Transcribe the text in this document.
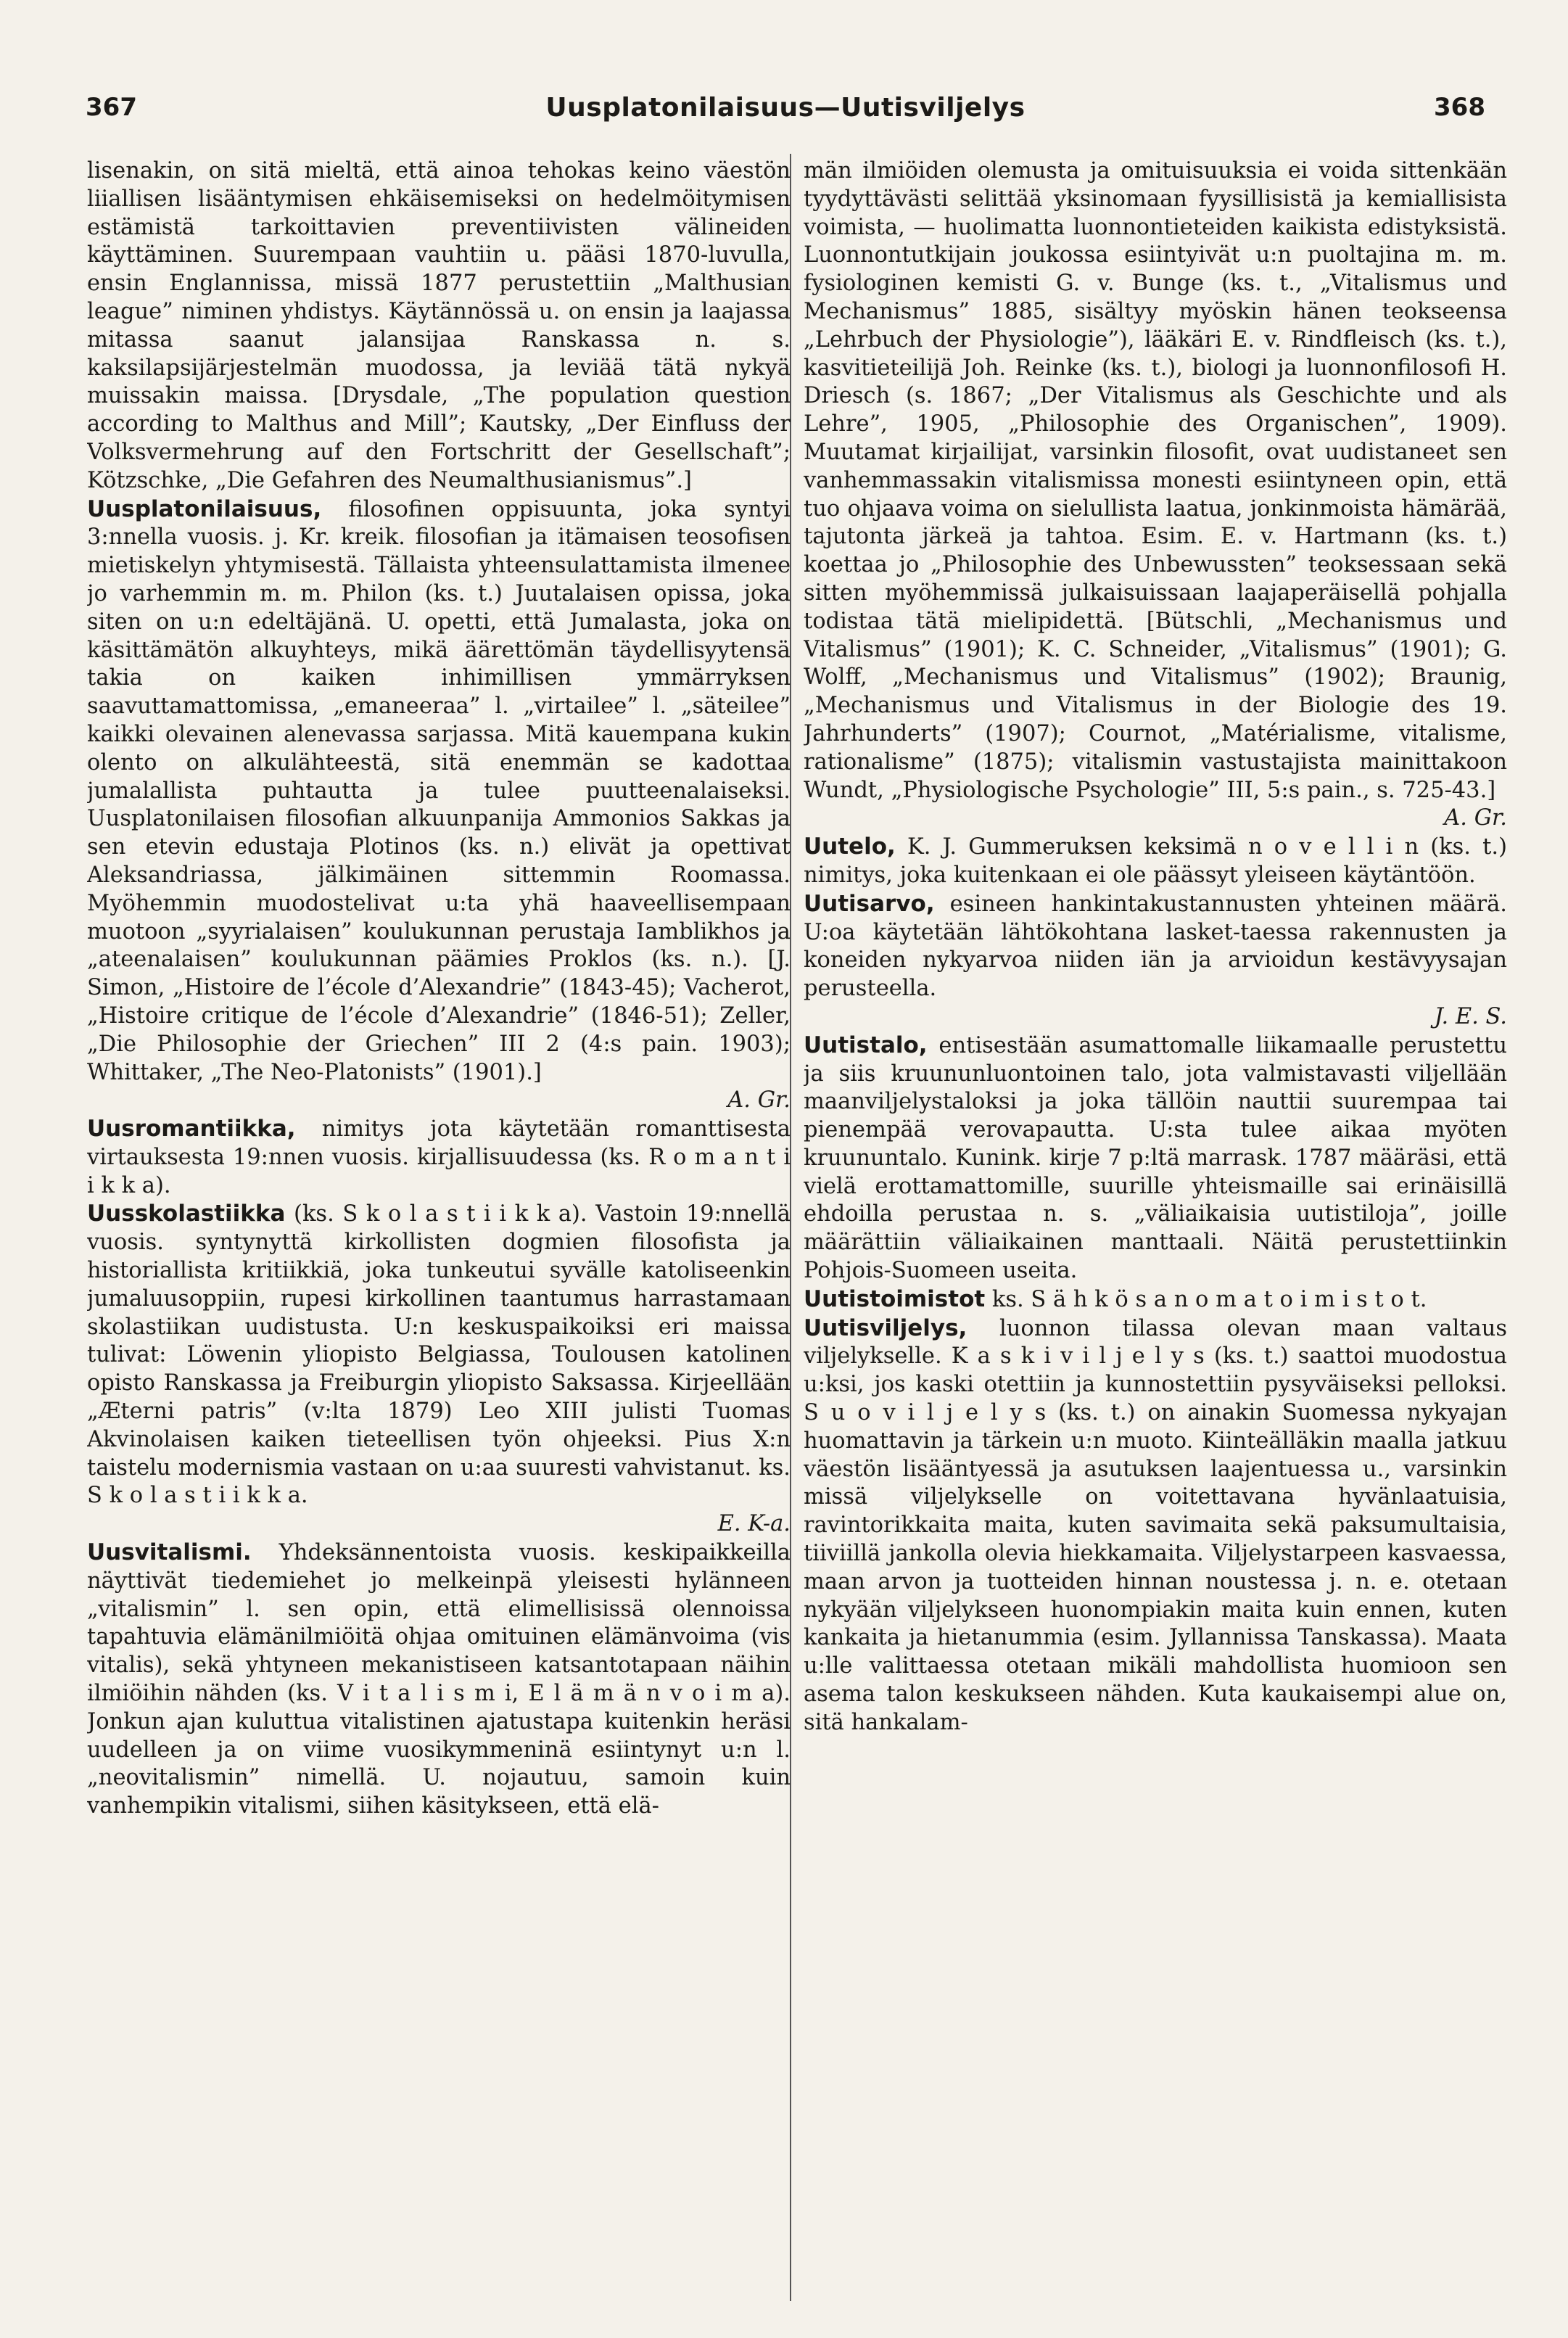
367	Uusplatonilaisuus—Uutisviljelys	368

lisenakin, on sitä mieltä, että ainoa tehokas keino väestön liiallisen lisääntymisen ehkäisemiseksi on hedelmöitymisen estämistä tarkoittavien preventiivisten välineiden käyttäminen. Suurempaan vauhtiin u. pääsi 1870-luvulla, ensin Englannissa, missä 1877 perustettiin „Malthusian league” niminen yhdistys. Käytännössä u. on ensin ja laajassa mitassa saanut jalansijaa Ranskassa n. s. kaksilapsijärjestelmän muodossa, ja leviää tätä nykyä muissakin maissa. [Drysdale, „The population question according to Malthus and Mill”; Kautsky, „Der Einfluss der Volksvermehrung auf den Fortschritt der Gesellschaft”; Kötzschke, „Die Gefahren des Neumalthusianismus”.]

Uusplatonilaisuus, filosofinen oppisuunta, joka syntyi 3:nnella vuosis. j. Kr. kreik. filosofian ja itämaisen teosofisen mietiskelyn yhtymisestä. Tällaista yhteensulattamista ilmenee jo varhemmin m. m. Philon (ks. t.) Juutalaisen opissa, joka siten on u:n edeltäjänä. U. opetti, että Jumalasta, joka on käsittämätön alkuyhteys, mikä äärettömän täydellisyytensä takia on kaiken inhimillisen ymmärryksen saavuttamattomissa, „emaneeraa” l. „virtailee” l. „säteilee” kaikki olevainen alenevassa sarjassa. Mitä kauempana kukin olento on alkulähteestä, sitä enemmän se kadottaa jumalallista puhtautta ja tulee puutteenalaiseksi. Uusplatonilaisen filosofian alkuunpanija Ammonios Sakkas ja sen etevin edustaja Plotinos (ks. n.) elivät ja opettivat Aleksandriassa, jälkimäinen sittemmin Roomassa. Myöhemmin muodostelivat u:ta yhä haaveellisempaan muotoon „syyrialaisen” koulukunnan perustaja Iamblikhos ja „ateenalaisen” koulukunnan päämies Proklos (ks. n.). [J. Simon, „Histoire de l’école d’Alexandrie” (1843-45); Vacherot, „Histoire critique de l’école d’Alexandrie” (1846-51); Zeller, „Die Philosophie der Griechen” III 2 (4:s pain. 1903); Whittaker, „The Neo-Platonists” (1901).]

A. Gr.

Uusromantiikka, nimitys jota käytetään romanttisesta virtauksesta 19:nnen vuosis. kirjallisuudessa (ks. R o m a n t i i k k a).

Uusskolastiikka (ks. S k o l a s t i i k k a). Vastoin 19:nnellä vuosis. syntynyttä kirkollisten dogmien filosofista ja historiallista kritiikkiä, joka tunkeutui syvälle katoliseenkin jumaluusoppiin, rupesi kirkollinen taantumus harrastamaan skolastiikan uudistusta. U:n keskuspaikoiksi eri maissa tulivat: Löwenin yliopisto Belgiassa, Toulousen katolinen opisto Ranskassa ja Freiburgin yliopisto Saksassa. Kirjeellään „Æterni patris” (v:lta 1879) Leo XIII julisti Tuomas Akvinolaisen kaiken tieteellisen työn ohjeeksi. Pius X:n taistelu modernismia vastaan on u:aa suuresti vahvistanut. ks. S k o l a s t i i k k a.

E. K-a.

Uusvitalismi. Yhdeksännentoista vuosis. keskipaikkeilla näyttivät tiedemiehet jo melkeinpä yleisesti hylänneen „vitalismin” l. sen opin, että elimellisissä olennoissa tapahtuvia elämänilmiöitä ohjaa omituinen elämänvoima (vis vitalis), sekä yhtyneen mekanistiseen katsantotapaan näihin ilmiöihin nähden (ks. V i t a l i s m i, E l ä m ä n v o i m a). Jonkun ajan kuluttua vitalistinen ajatustapa kuitenkin heräsi uudelleen ja on viime vuosikymmeninä esiintynyt u:n l. „neovitalismin” nimellä. U. nojautuu, samoin kuin vanhempikin vitalismi, siihen käsitykseen, että elä-

män ilmiöiden olemusta ja omituisuuksia ei voida sittenkään tyydyttävästi selittää yksinomaan fyysillisistä ja kemiallisista voimista, — huolimatta luonnontieteiden kaikista edistyksistä. Luonnontutkijain joukossa esiintyivät u:n puoltajina m. m. fysiologinen kemisti G. v. Bunge (ks. t., „Vitalismus und Mechanismus” 1885, sisältyy myöskin hänen teokseensa „Lehrbuch der Physiologie”), lääkäri E. v. Rindfleisch (ks. t.), kasvitieteilijä Joh. Reinke (ks. t.), biologi ja luonnonfilosofi H. Driesch (s. 1867; „Der Vitalismus als Geschichte und als Lehre”, 1905, „Philosophie des Organischen”, 1909). Muutamat kirjailijat, varsinkin filosofit, ovat uudistaneet sen vanhemmassakin vitalismissa monesti esiintyneen opin, että tuo ohjaava voima on sielullista laatua, jonkinmoista hämärää, tajutonta järkeä ja tahtoa. Esim. E. v. Hartmann (ks. t.) koettaa jo „Philosophie des Unbewussten” teoksessaan sekä sitten myöhemmissä julkaisuissaan laajaperäisellä pohjalla todistaa tätä mielipidettä. [Bütschli, „Mechanismus und Vitalismus” (1901); K. C. Schneider, „Vitalismus” (1901); G. Wolff, „Mechanismus und Vitalismus” (1902); Braunig, „Mechanismus und Vitalismus in der Biologie des 19. Jahrhunderts” (1907); Cournot, „Matérialisme, vitalisme, rationalisme” (1875); vitalismin vastustajista mainittakoon Wundt, „Physiologische Psychologie” III, 5:s pain., s. 725-43.]

A. Gr.

Uutelo, K. J. Gummeruksen keksimä n o v e l l i n (ks. t.) nimitys, joka kuitenkaan ei ole päässyt yleiseen käytäntöön.

Uutisarvo, esineen hankintakustannusten yhteinen määrä. U:oa käytetään lähtökohtana lasket-taessa rakennusten ja koneiden nykyarvoa niiden iän ja arvioidun kestävyysajan perusteella.

J. E. S.

Uutistalo, entisestään asumattomalle liikamaalle perustettu ja siis kruununluontoinen talo, jota valmistavasti viljellään maanviljelystaloksi ja joka tällöin nauttii suurempaa tai pienempää verovapautta. U:sta tulee aikaa myöten kruununtalo. Kunink. kirje 7 p:ltä marrask. 1787 määräsi, että vielä erottamattomille, suurille yhteismaille sai erinäisillä ehdoilla perustaa n. s. „väliaikaisia uutistiloja”, joille määrättiin väliaikainen manttaali. Näitä perustettiinkin Pohjois-Suomeen useita.

Uutistoimistot ks. S ä h k ö s a n o m a t o i m i s t o t.

Uutisviljelys, luonnon tilassa olevan maan valtaus viljelykselle. K a s k i v i l j e l y s (ks. t.) saattoi muodostua u:ksi, jos kaski otettiin ja kunnostettiin pysyväiseksi pelloksi. S u o v i l j e l y s (ks. t.) on ainakin Suomessa nykyajan huomattavin ja tärkein u:n muoto. Kiinteälläkin maalla jatkuu väestön lisääntyessä ja asutuksen laajentuessa u., varsinkin missä viljelykselle on voitettavana hyvänlaatuisia, ravintorikkaita maita, kuten savimaita sekä paksumultaisia, tiiviillä jankolla olevia hiekkamaita. Viljelystarpeen kasvaessa, maan arvon ja tuotteiden hinnan noustessa j. n. e. otetaan nykyään viljelykseen huonompiakin maita kuin ennen, kuten kankaita ja hietanummia (esim. Jyllannissa Tanskassa). Maata u:lle valittaessa otetaan mikäli mahdollista huomioon sen asema talon keskukseen nähden. Kuta kaukaisempi alue on, sitä hankalam-
